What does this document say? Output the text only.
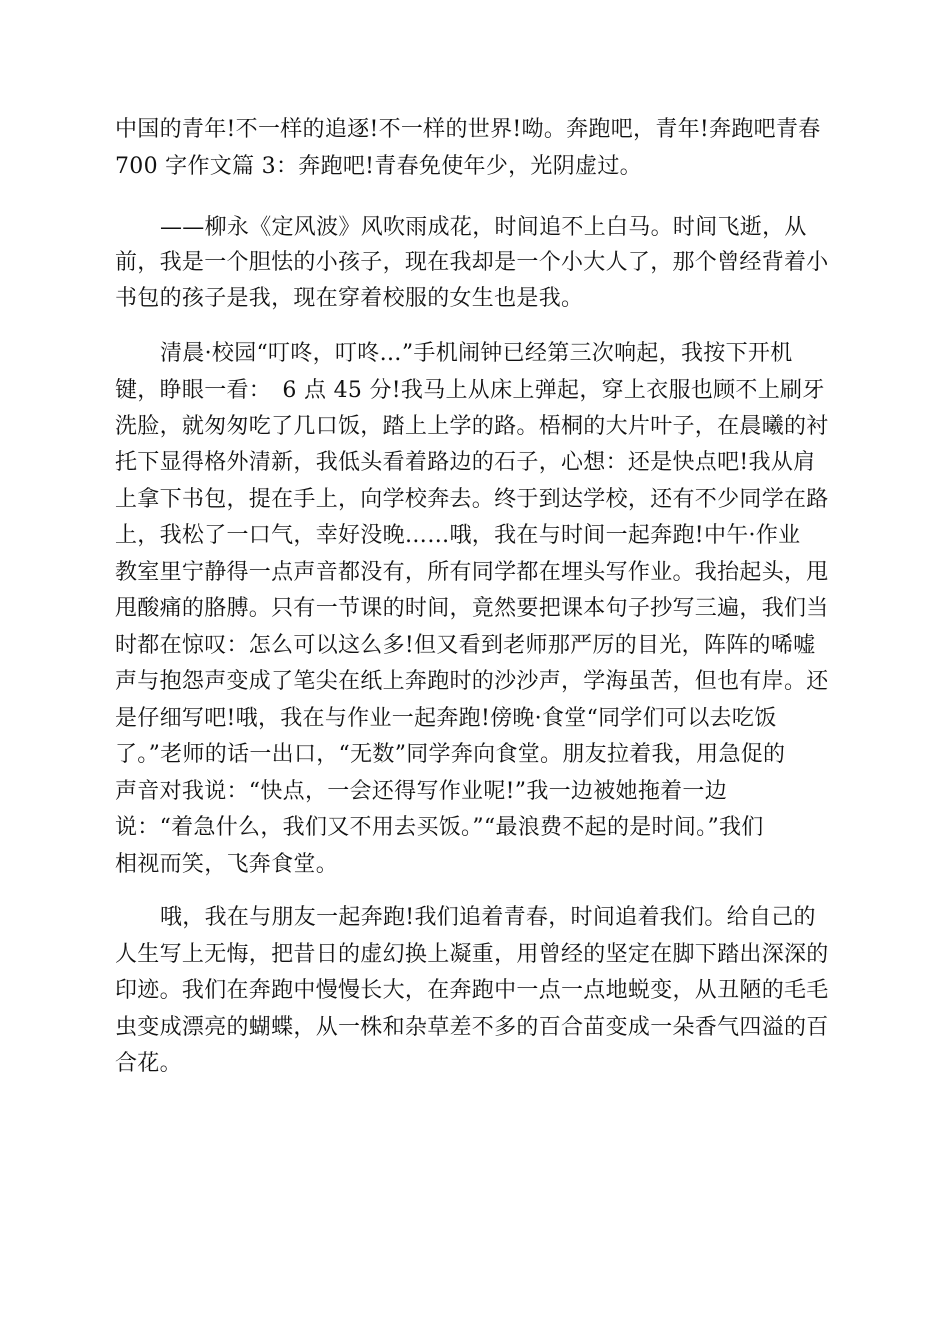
中国的青年!不一样的追逐!不一样的世界!呦。奔跑吧，青年!奔跑吧青春
700 字作文篇 3：奔跑吧!青春免使年少，光阴虚过。
——柳永《定风波》风吹雨成花，时间追不上白马。时间飞逝，从
前，我是一个胆怯的小孩子，现在我却是一个小大人了，那个曾经背着小
书包的孩子是我，现在穿着校服的女生也是我。
清晨·校园“叮咚，叮咚…”手机闹钟已经第三次响起，我按下开机
键，睁眼一看：　6 点 45 分!我马上从床上弹起，穿上衣服也顾不上刷牙
洗脸，就匆匆吃了几口饭，踏上上学的路。梧桐的大片叶子，在晨曦的衬
托下显得格外清新，我低头看着路边的石子，心想：还是快点吧!我从肩
上拿下书包，提在手上，向学校奔去。终于到达学校，还有不少同学在路
上，我松了一口气，幸好没晚……哦，我在与时间一起奔跑!中午·作业
教室里宁静得一点声音都没有，所有同学都在埋头写作业。我抬起头，甩
甩酸痛的胳膊。只有一节课的时间，竟然要把课本句子抄写三遍，我们当
时都在惊叹：怎么可以这么多!但又看到老师那严厉的目光，阵阵的唏嘘
声与抱怨声变成了笔尖在纸上奔跑时的沙沙声，学海虽苦，但也有岸。还
是仔细写吧!哦，我在与作业一起奔跑!傍晚·食堂“同学们可以去吃饭
了。”老师的话一出口，“无数”同学奔向食堂。朋友拉着我，用急促的
声音对我说：“快点，一会还得写作业呢!”我一边被她拖着一边
说：“着急什么，我们又不用去买饭。”“最浪费不起的是时间。”我们
相视而笑，飞奔食堂。
哦，我在与朋友一起奔跑!我们追着青春，时间追着我们。给自己的
人生写上无悔，把昔日的虚幻换上凝重，用曾经的坚定在脚下踏出深深的
印迹。我们在奔跑中慢慢长大，在奔跑中一点一点地蜕变，从丑陋的毛毛
虫变成漂亮的蝴蝶，从一株和杂草差不多的百合苗变成一朵香气四溢的百
合花。
